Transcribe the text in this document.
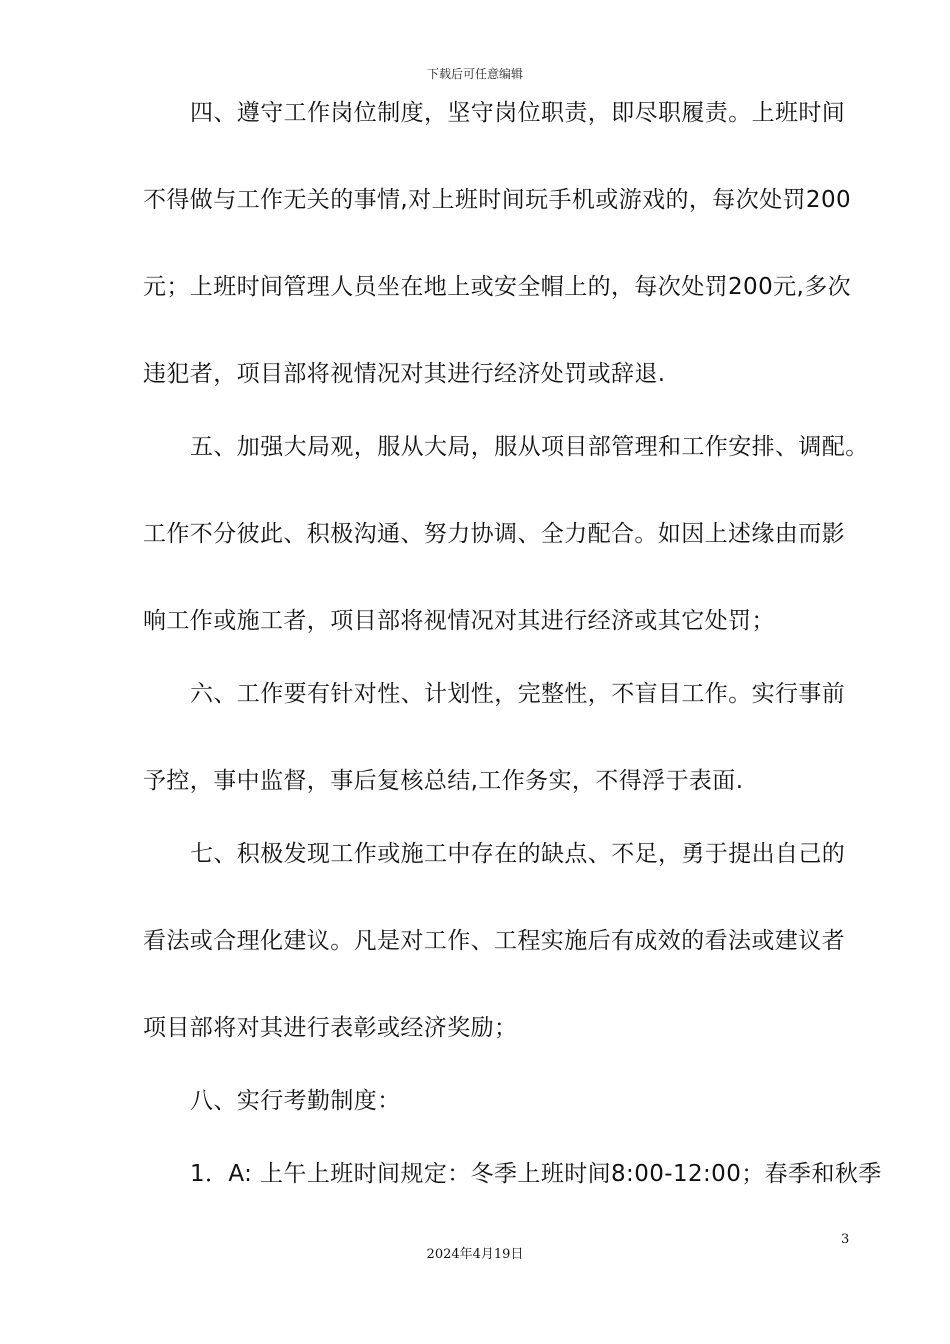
下载后可任意编辑
四、遵守工作岗位制度，坚守岗位职责，即尽职履责。上班时间
不得做与工作无关的事情,对上班时间玩手机或游戏的，每次处罚200
元；上班时间管理人员坐在地上或安全帽上的，每次处罚200元,多次
违犯者，项目部将视情况对其进行经济处罚或辞退.
五、加强大局观，服从大局，服从项目部管理和工作安排、调配。
工作不分彼此、积极沟通、努力协调、全力配合。如因上述缘由而影
响工作或施工者，项目部将视情况对其进行经济或其它处罚；
六、工作要有针对性、计划性，完整性，不盲目工作。实行事前
予控，事中监督，事后复核总结,工作务实，不得浮于表面.
七、积极发现工作或施工中存在的缺点、不足，勇于提出自己的
看法或合理化建议。凡是对工作、工程实施后有成效的看法或建议者
项目部将对其进行表彰或经济奖励；
八、实行考勤制度：
1．A: 上午上班时间规定：冬季上班时间8:00-12:00；春季和秋季
3
2024年4月19日
